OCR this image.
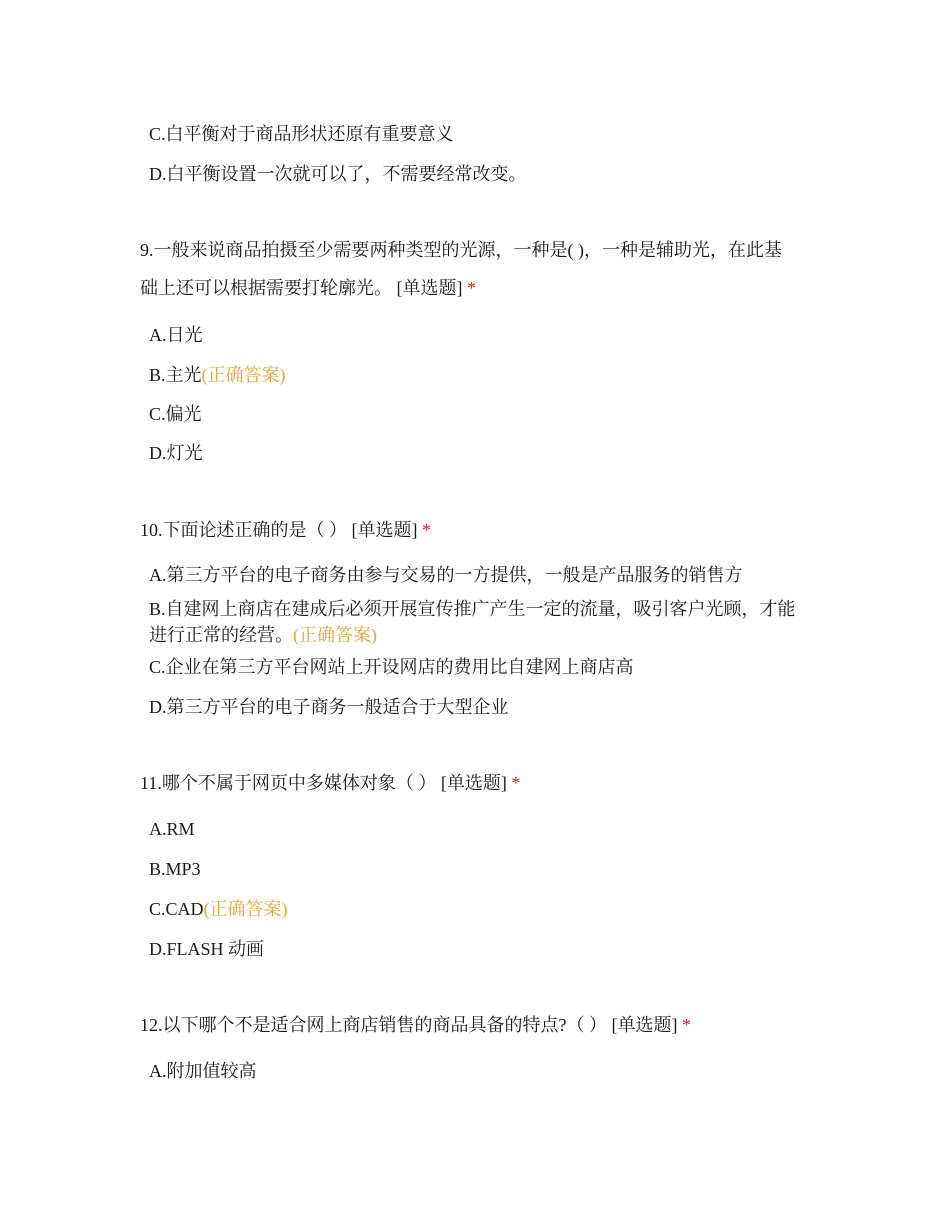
C.白平衡对于商品形状还原有重要意义
D.白平衡设置一次就可以了，不需要经常改变。
9.一般来说商品拍摄至少需要两种类型的光源，一种是( )，一种是辅助光，在此基
础上还可以根据需要打轮廓光。 [单选题] *
A.日光
B.主光(正确答案)
C.偏光
D.灯光
10.下面论述正确的是（ ） [单选题] *
A.第三方平台的电子商务由参与交易的一方提供，一般是产品服务的销售方
B.自建网上商店在建成后必须开展宣传推广产生一定的流量，吸引客户光顾，才能进行正常的经营。(正确答案)
C.企业在第三方平台网站上开设网店的费用比自建网上商店高
D.第三方平台的电子商务一般适合于大型企业
11.哪个不属于网页中多媒体对象（ ） [单选题] *
A.RM
B.MP3
C.CAD(正确答案)
D.FLASH 动画
12.以下哪个不是适合网上商店销售的商品具备的特点?（ ） [单选题] *
A.附加值较高
